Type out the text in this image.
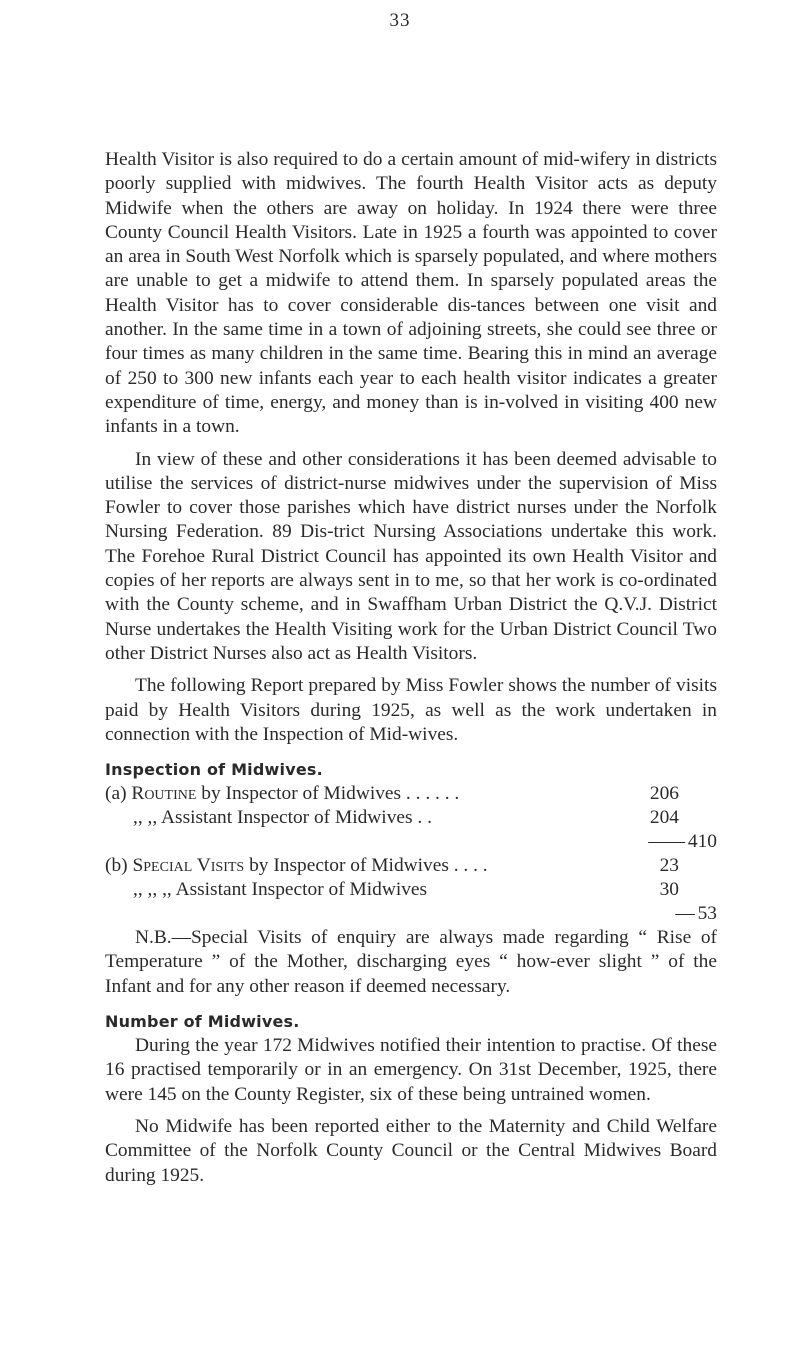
33

Health Visitor is also required to do a certain amount of mid-wifery in districts poorly supplied with midwives. The fourth Health Visitor acts as deputy Midwife when the others are away on holiday. In 1924 there were three County Council Health Visitors. Late in 1925 a fourth was appointed to cover an area in South West Norfolk which is sparsely populated, and where mothers are unable to get a midwife to attend them. In sparsely populated areas the Health Visitor has to cover considerable dis-tances between one visit and another. In the same time in a town of adjoining streets, she could see three or four times as many children in the same time. Bearing this in mind an average of 250 to 300 new infants each year to each health visitor indicates a greater expenditure of time, energy, and money than is in-volved in visiting 400 new infants in a town.

In view of these and other considerations it has been deemed advisable to utilise the services of district-nurse midwives under the supervision of Miss Fowler to cover those parishes which have district nurses under the Norfolk Nursing Federation. 89 Dis-trict Nursing Associations undertake this work. The Forehoe Rural District Council has appointed its own Health Visitor and copies of her reports are always sent in to me, so that her work is co-ordinated with the County scheme, and in Swaffham Urban District the Q.V.J. District Nurse undertakes the Health Visiting work for the Urban District Council Two other District Nurses also act as Health Visitors.

The following Report prepared by Miss Fowler shows the number of visits paid by Health Visitors during 1925, as well as the work undertaken in connection with the Inspection of Mid-wives.

Inspection of Midwives.
(a) Routine by Inspector of Midwives . . . . . .	206
,, ,, Assistant Inspector of Midwives . .	204
—— 410
(b) Special Visits by Inspector of Midwives . . . .	23
,, ,, ,, Assistant Inspector of Midwives	30
— 53

N.B.—Special Visits of enquiry are always made regarding “ Rise of Temperature ” of the Mother, discharging eyes “ how-ever slight ” of the Infant and for any other reason if deemed necessary.

Number of Midwives.

During the year 172 Midwives notified their intention to practise. Of these 16 practised temporarily or in an emergency. On 31st December, 1925, there were 145 on the County Register, six of these being untrained women.

No Midwife has been reported either to the Maternity and Child Welfare Committee of the Norfolk County Council or the Central Midwives Board during 1925.
